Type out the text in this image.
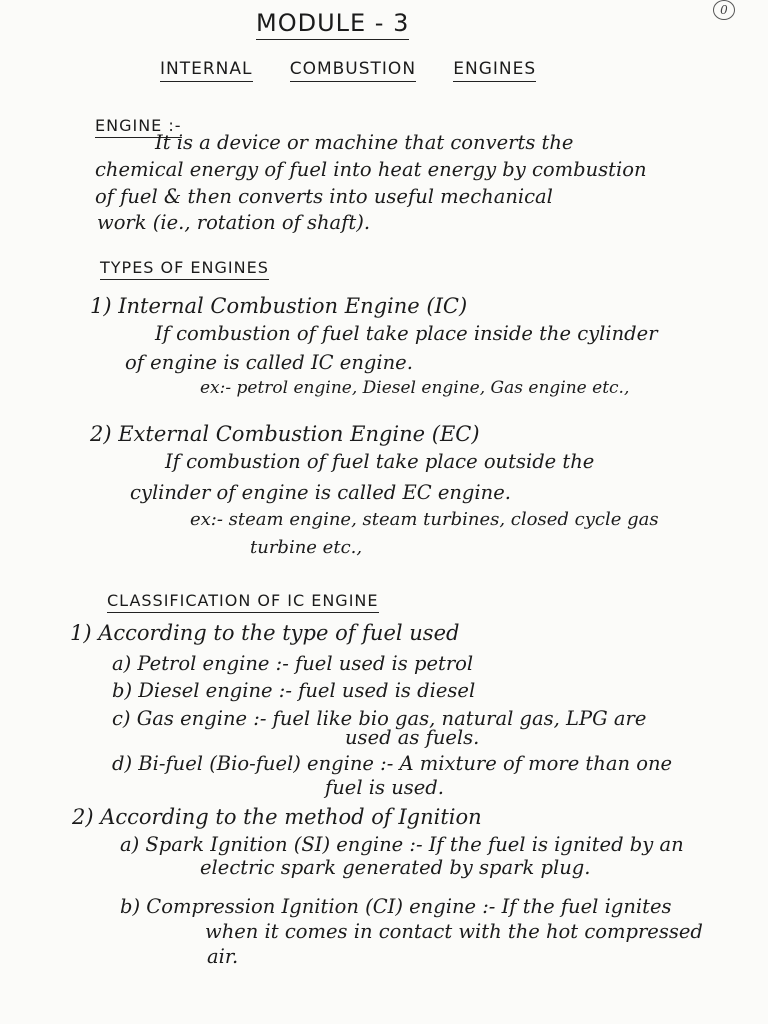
0
MODULE - 3
INTERNAL COMBUSTION ENGINES
ENGINE :-
It is a device or machine that converts the
chemical energy of fuel into heat energy by combustion
of fuel & then converts into useful mechanical
work (ie., rotation of shaft).
TYPES OF ENGINES
1) Internal Combustion Engine (IC)
If combustion of fuel take place inside the cylinder
of engine is called IC engine.
ex:- petrol engine, Diesel engine, Gas engine etc.,
2) External Combustion Engine (EC)
If combustion of fuel take place outside the
cylinder of engine is called EC engine.
ex:- steam engine, steam turbines, closed cycle gas
turbine etc.,
CLASSIFICATION OF IC ENGINE
1) According to the type of fuel used
a) Petrol engine :- fuel used is petrol
b) Diesel engine :- fuel used is diesel
c) Gas engine :- fuel like bio gas, natural gas, LPG are
used as fuels.
d) Bi-fuel (Bio-fuel) engine :- A mixture of more than one
fuel is used.
2) According to the method of Ignition
a) Spark Ignition (SI) engine :- If the fuel is ignited by an
electric spark generated by spark plug.
b) Compression Ignition (CI) engine :- If the fuel ignites
when it comes in contact with the hot compressed
air.
